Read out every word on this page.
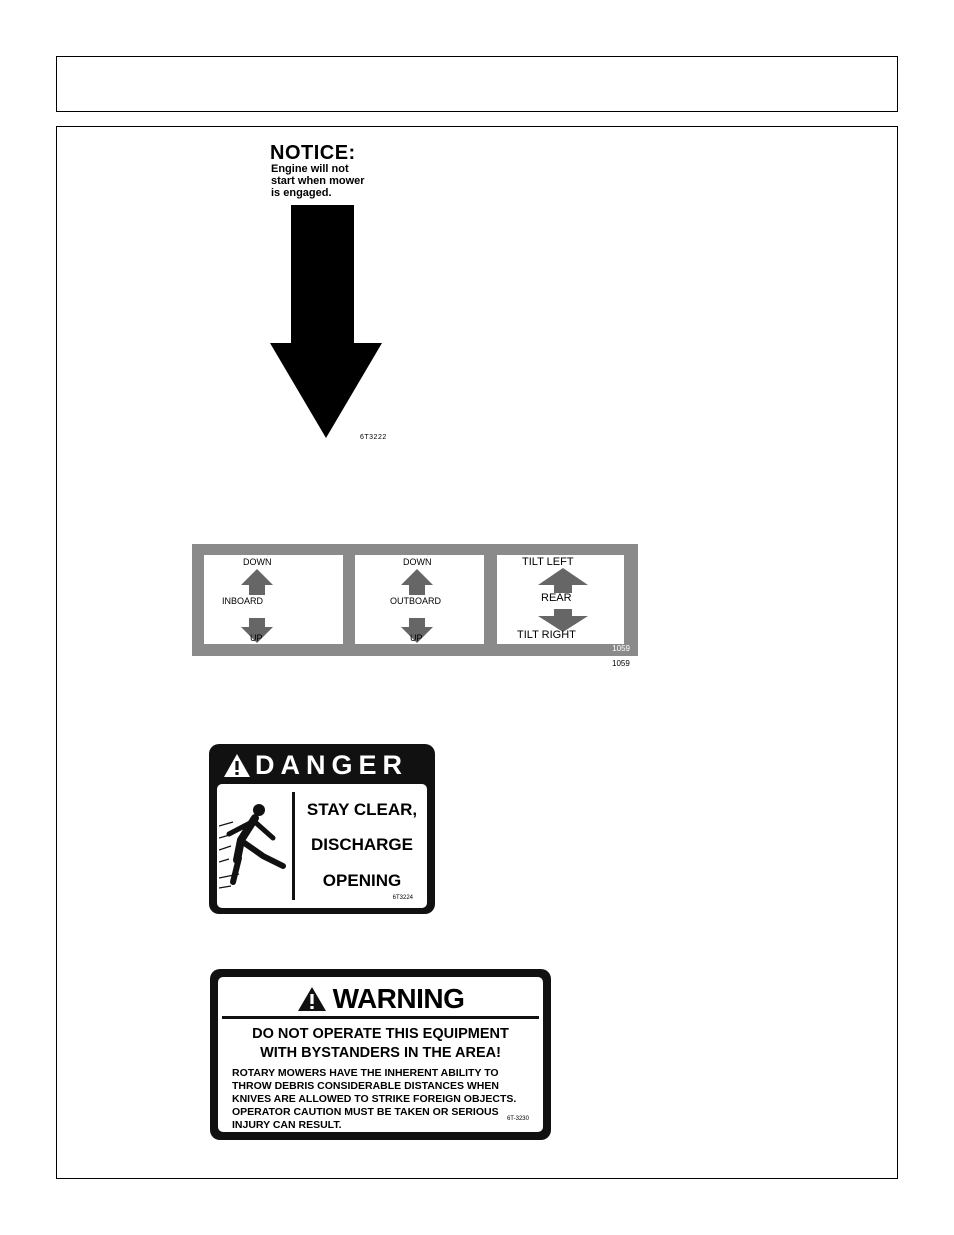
NOTICE:
Engine will not
start when mower
is engaged.
6T3222
DOWN
INBOARD
UP
DOWN
OUTBOARD
UP
TILT LEFT
REAR
TILT RIGHT
1059
1059
DANGER
STAY CLEAR,
DISCHARGE
OPENING
6T3224
WARNING
DO NOT OPERATE THIS EQUIPMENT
WITH BYSTANDERS IN THE AREA!
ROTARY MOWERS HAVE THE INHERENT ABILITY TO
THROW DEBRIS CONSIDERABLE DISTANCES WHEN
KNIVES ARE ALLOWED TO STRIKE FOREIGN OBJECTS.
OPERATOR CAUTION MUST BE TAKEN OR SERIOUS
INJURY CAN RESULT.	6T-3230
